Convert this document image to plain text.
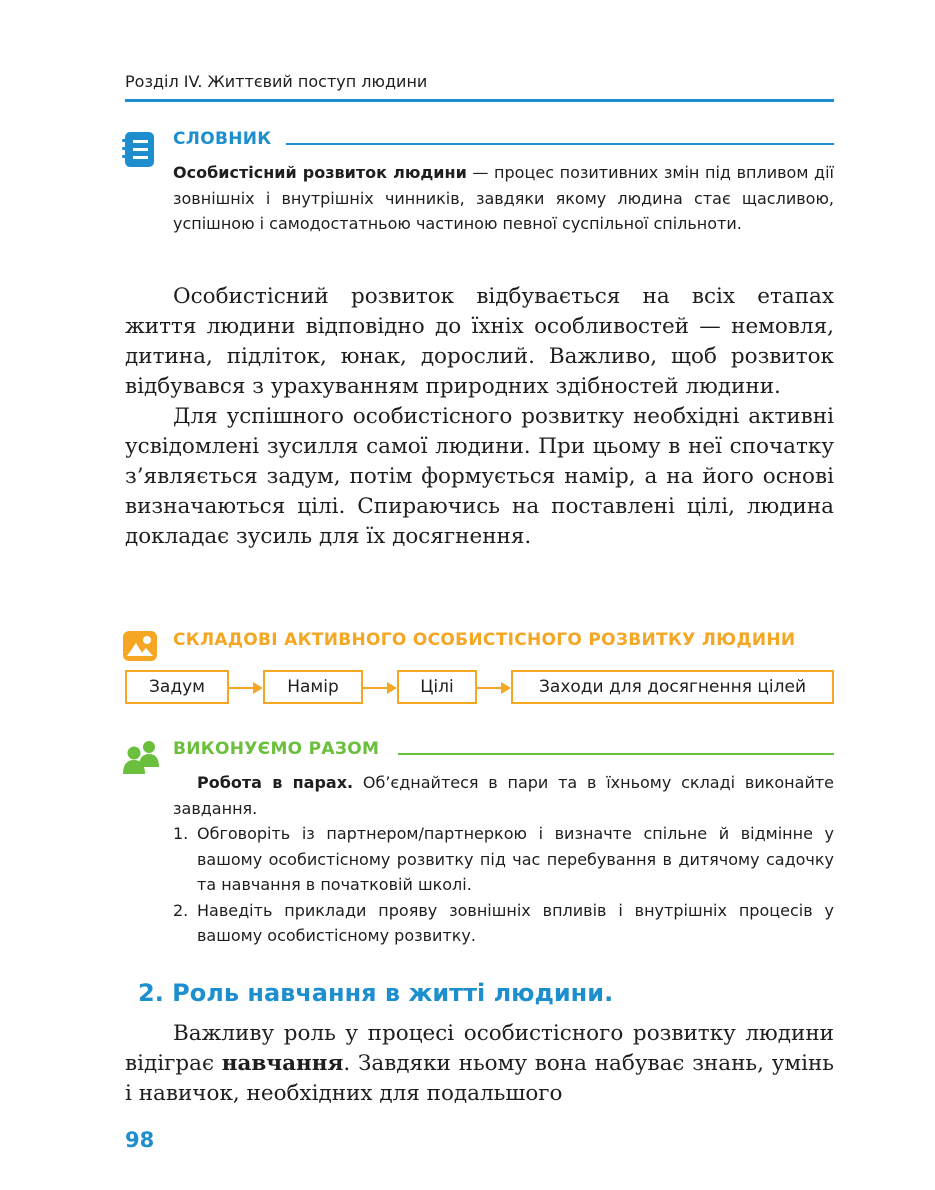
Розділ IV. Життєвий поступ людини
СЛОВНИК

Особистісний розвиток людини — процес позитивних змін під впливом дії зовнішніх і внутрішніх чинників, завдяки якому людина стає щасливою, успішною і самодостатньою частиною певної суспільної спільноти.

Особистісний розвиток відбувається на всіх етапах життя людини відповідно до їхніх особливостей — немовля, дитина, підліток, юнак, дорослий. Важливо, щоб розвиток відбувався з урахуванням природних здібностей людини.

Для успішного особистісного розвитку необхідні активні усвідомлені зусилля самої людини. При цьому в неї спочатку з’являється задум, потім формується намір, а на його основі визначаються цілі. Спираючись на поставлені цілі, людина докладає зусиль для їх досягнення.

СКЛАДОВІ АКТИВНОГО ОСОБИСТІСНОГО РОЗВИТКУ ЛЮДИНИ
Задум	Намір	Цілі	Заходи для досягнення цілей
ВИКОНУЄМО РАЗОМ

Робота в парах. Об’єднайтеся в пари та в їхньому складі виконайте завдання.

1. Обговоріть із партнером/партнеркою і визначте спільне й відмінне у вашому особистісному розвитку під час перебування в дитячому садочку та навчання в початковій школі.

2. Наведіть приклади прояву зовнішніх впливів і внутрішніх процесів у вашому особистісному розвитку.

2. Роль навчання в житті людини.

Важливу роль у процесі особистісного розвитку людини відіграє навчання. Завдяки ньому вона набуває знань, умінь і навичок, необхідних для подальшого

98
